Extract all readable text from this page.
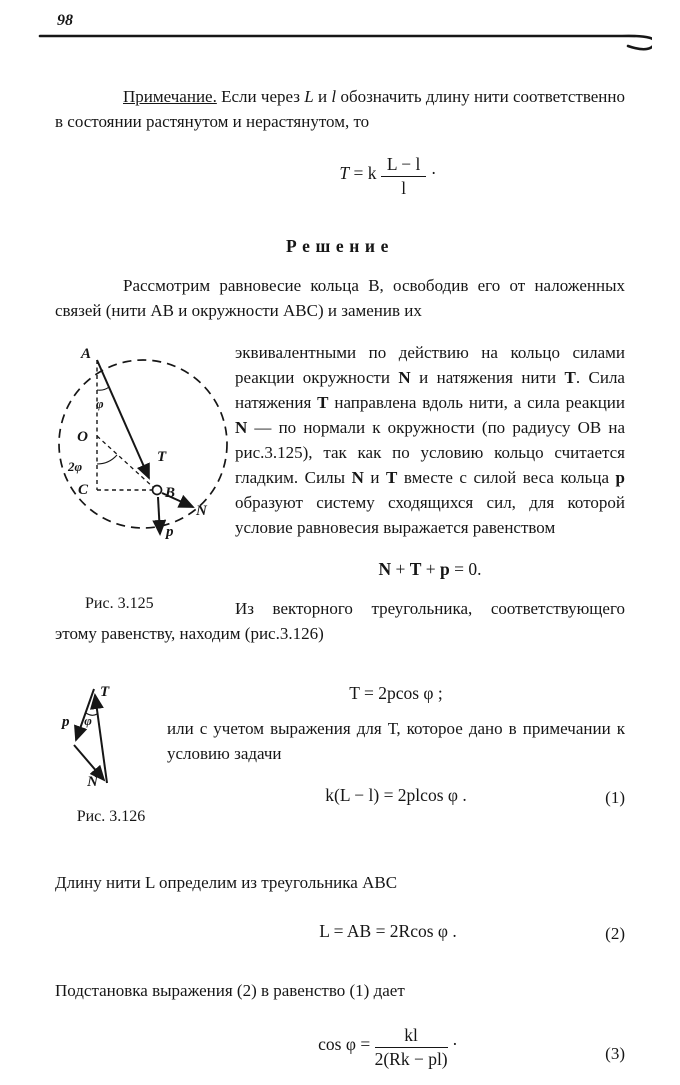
98

Примечание. Если через L и l обозначить длину нити соответственно в состоянии растянутом и нерастянутом, то

T = k $\frac{L - l}{l}$ ·
Решение

Рассмотрим равновесие кольца В, освободив его от наложенных связей (нити АВ и окружности АВС) и заменив их

A
O
C	B
T
N
p
φ
2φ
Рис. 3.125

эквивалентными по действию на кольцо силами реакции окружности N и натяжения нити Т. Сила натяжения Т направлена вдоль нити, а сила реакции N — по нормали к окружности (по радиусу ОВ на рис.3.125), так как по условию кольцо считается гладким. Силы N и Т вместе с силой веса кольца р образуют систему сходящихся сил, для которой условие равновесия выражается равенством

N + T + p = 0.

Из векторного треугольника, соответствующего этому равенству, находим (рис.3.126)

T
p
N
φ
Рис. 3.126
T = 2pcos φ ;

или с учетом выражения для Т, которое дано в примечании к условию задачи

k(L − l) = 2plcos φ .	(1)

Длину нити L определим из треугольника АВС

L = AB = 2Rcos φ .	(2)

Подстановка выражения (2) в равенство (1) дает

$\cos \varphi = \frac{kl}{2(Rk - pl)}$ ·	(3)
